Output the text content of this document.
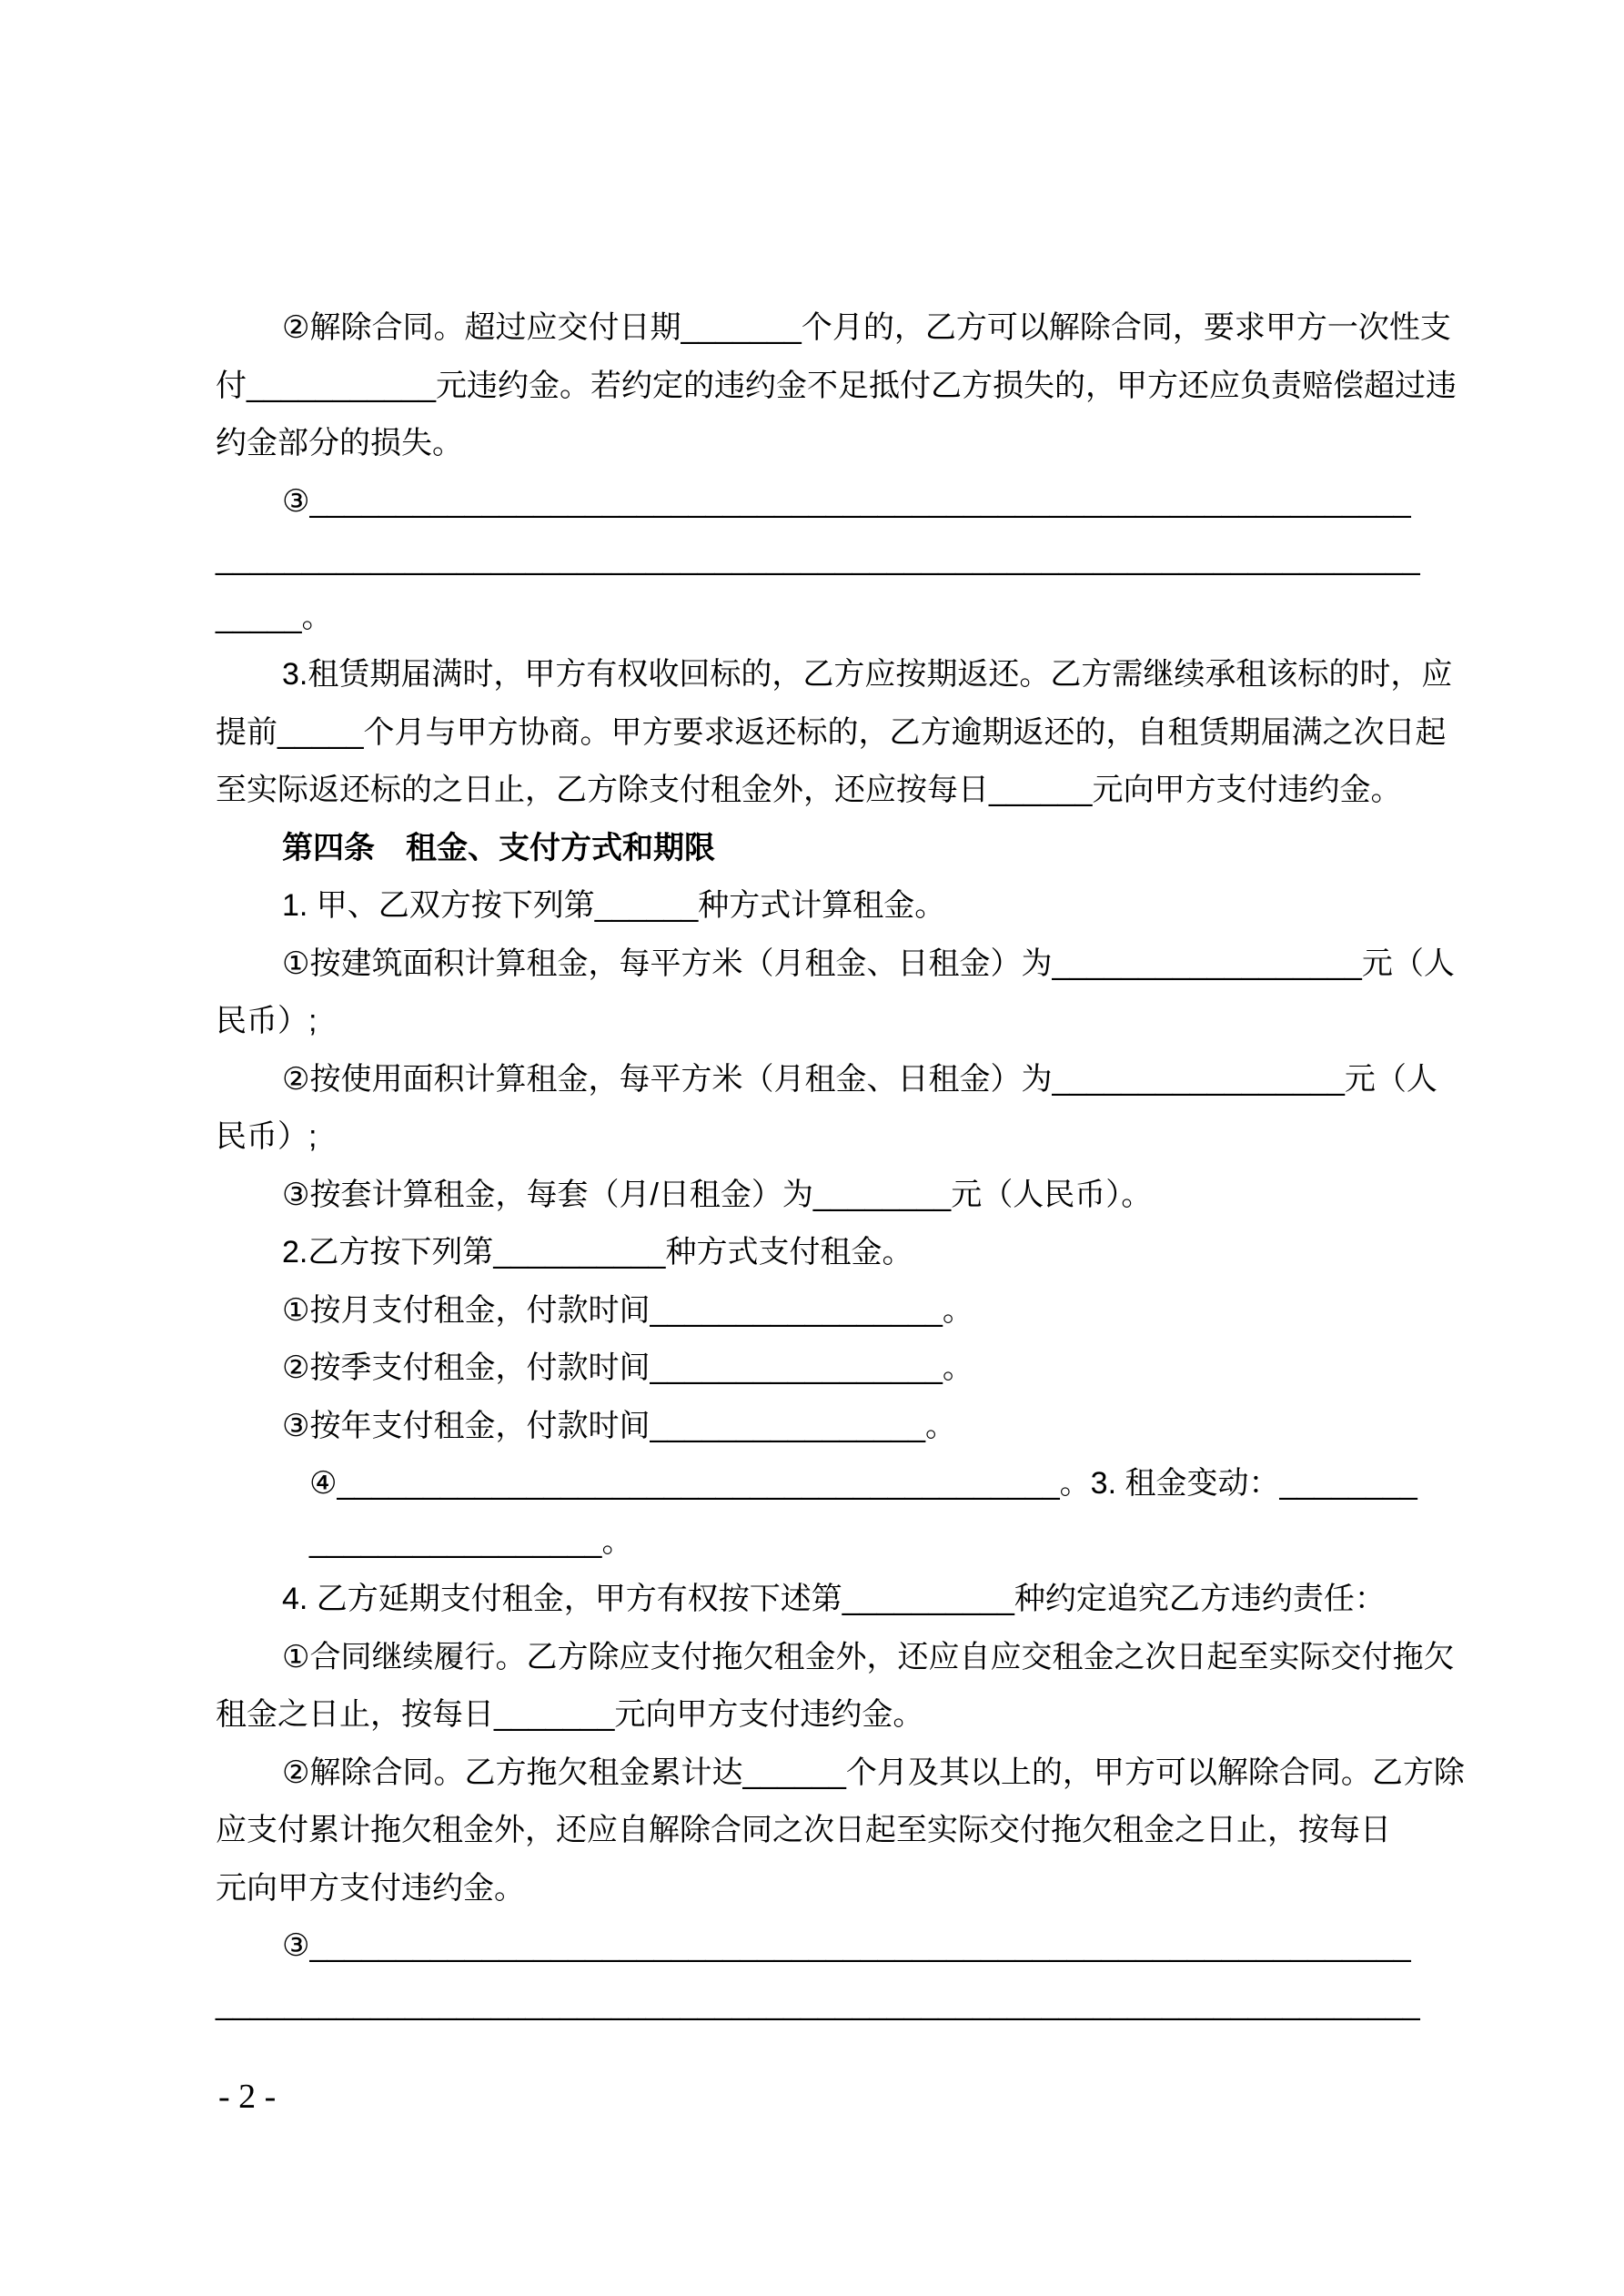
②解除合同。超过应交付日期_______个月的，乙方可以解除合同，要求甲方一次性支
付___________元违约金。若约定的违约金不足抵付乙方损失的，甲方还应负责赔偿超过违
约金部分的损失。
③________________________________________________________________
______________________________________________________________________
_____。
3.租赁期届满时，甲方有权收回标的，乙方应按期返还。乙方需继续承租该标的时，应
提前_____个月与甲方协商。甲方要求返还标的，乙方逾期返还的，自租赁期届满之次日起
至实际返还标的之日止，乙方除支付租金外，还应按每日______元向甲方支付违约金。
第四条　租金、支付方式和期限
1. 甲、乙双方按下列第______种方式计算租金。
①按建筑面积计算租金，每平方米（月租金、日租金）为__________________元（人
民币）;
②按使用面积计算租金，每平方米（月租金、日租金）为_________________元（人
民币）;
③按套计算租金，每套（月/日租金）为________元（人民币）。
2.乙方按下列第__________种方式支付租金。
①按月支付租金，付款时间_________________。
②按季支付租金，付款时间_________________。
③按年支付租金，付款时间________________。
④__________________________________________。3. 租金变动：________
_________________。
4. 乙方延期支付租金，甲方有权按下述第__________种约定追究乙方违约责任：
①合同继续履行。乙方除应支付拖欠租金外，还应自应交租金之次日起至实际交付拖欠
租金之日止，按每日_______元向甲方支付违约金。
②解除合同。乙方拖欠租金累计达______个月及其以上的，甲方可以解除合同。乙方除
应支付累计拖欠租金外，还应自解除合同之次日起至实际交付拖欠租金之日止，按每日
元向甲方支付违约金。
③________________________________________________________________
______________________________________________________________________
- 2 -
